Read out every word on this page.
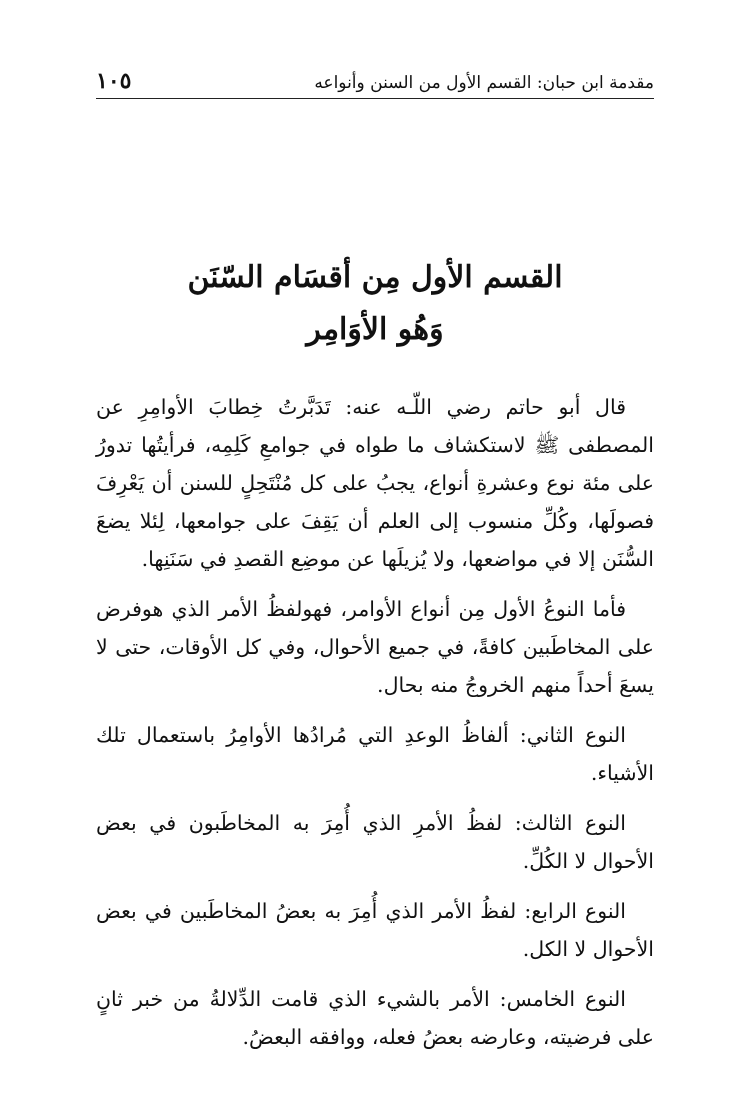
مقدمة ابن حبان: القسم الأول من السنن وأنواعه
١٠٥
القسم الأول مِن أقسَام السّنَن
وَهُو الأوَامِر

قال أبو حاتم رضي اللّـه عنه: تَدَبَّرتُ خِطابَ الأوامِرِ عن المصطفى ﷺ لاستكشاف ما طواه في جوامعِ كَلِمِه، فرأيتُها تدورُ على مئة نوع وعشرةِ أنواع، يجبُ على كل مُنْتَحِلٍ للسنن أن يَعْرِفَ فصولَها، وكُلِّ منسوب إلى العلم أن يَقِفَ على جوامعها، لِئلا يضعَ السُّنَن إلا في مواضعها، ولا يُزيلَها عن موضِع القصدِ في سَنَنِها.

فأما النوعُ الأول مِن أنواع الأوامر، فهولفظُ الأمر الذي هوفرض على المخاطَبين كافةً، في جميع الأحوال، وفي كل الأوقات، حتى لا يسعَ أحداً منهم الخروجُ منه بحال.

النوع الثاني: ألفاظُ الوعدِ التي مُرادُها الأوامِرُ باستعمال تلك الأشياء.

النوع الثالث: لفظُ الأمرِ الذي أُمِرَ به المخاطَبون في بعض الأحوال لا الكُلِّ.

النوع الرابع: لفظُ الأمر الذي أُمِرَ به بعضُ المخاطَبين في بعض الأحوال لا الكل.

النوع الخامس: الأمر بالشيء الذي قامت الدِّلالةُ من خبر ثانٍ على فرضيته، وعارضه بعضُ فعله، ووافقه البعضُ.
